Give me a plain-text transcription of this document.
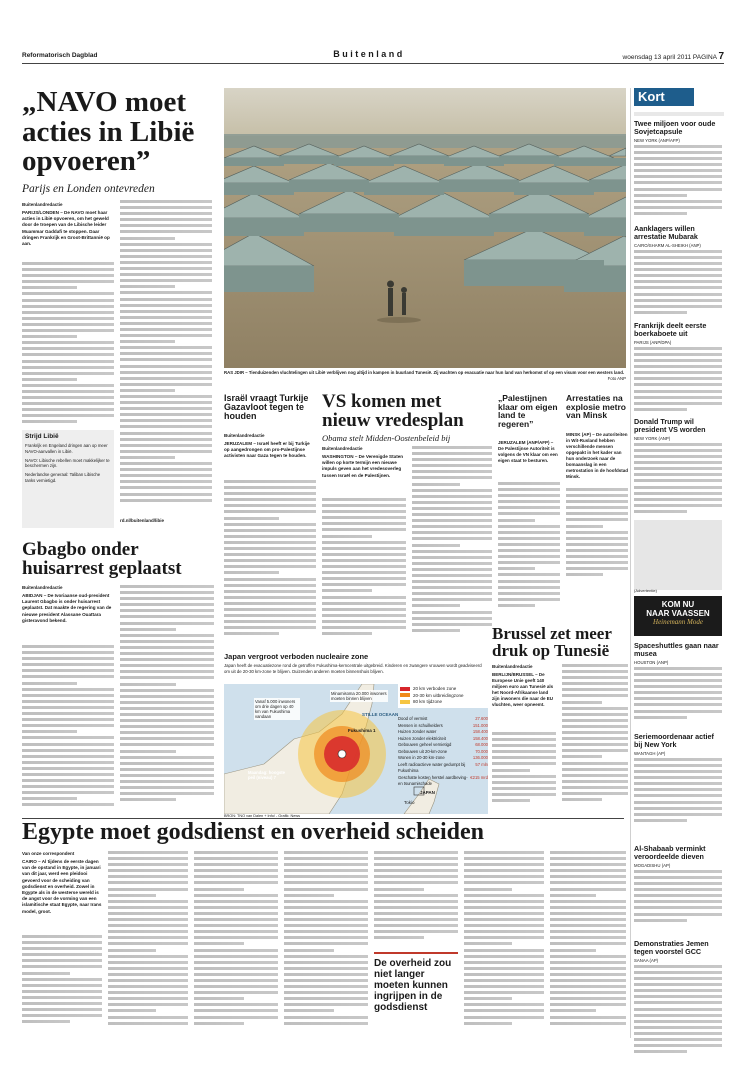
Reformatorisch Dagblad	Buitenland	woensdag 13 april 2011 PAGINA 7
„NAVO moet acties in Libië opvoeren”
Parijs en Londen ontevreden
Buitenlandredactie
PARIJS/LONDEN – De NAVO moet haar acties in Libië opvoeren, om het geweld door de troepen van de Libische leider Muammar Gaddafi te stoppen. Daar dringen Frankrijk en Groot-Brittannië op aan.

Strijd Libië
Frankrijk en Engeland dringen aan op meer NAVO-aanvallen in Libië.
NAVO: Libische rebellen moet makkelijker te beschermen zijn.
Nederlandse generaal: Taliban Libische tanks vernietigd.

rd.nl/buitenland/libie
RAS JDIR – Tienduizenden vluchtelingen uit Libië verblijven nog altijd in kampen in buurland Tunesië. Zij wachten op evacuatie naar hun land van herkomst of op een visum voor een westers land.
Foto ANP
Kort
Twee miljoen voor oude Sovjetcapsule
NEW YORK (ANP/AFP)

Aanklagers willen arrestatie Mubarak
CAIRO/SHARM AL-SHEIKH (ANP)

Frankrijk deelt eerste boerkaboete uit
PARIJS (ANP/DPA)

Donald Trump wil president VS worden
NEW YORK (ANP)

(Advertentie)
KOM NU
NAAR VAASSEN
Heinemann Mode
Spaceshuttles gaan naar musea
HOUSTON (ANP)

Seriemoordenaar actief bij New York
WANTAGH (AP)

Al-Shabaab verminkt veroordeelde dieven
MOGADISHU (AP)

Demonstraties Jemen tegen voorstel GCC
SANAA (AP)

Gbagbo onder huisarrest geplaatst
Buitenlandredactie
ABIDJAN – De Ivoriaanse oud-president Laurent Gbagbo is onder huisarrest geplaatst. Dat maakte de regering van de nieuwe president Alassane Ouattara gisteravond bekend.

Israël vraagt Turkije Gazavloot tegen te houden
Buitenlandredactie
JERUZALEM – Israël heeft er bij Turkije op aangedrongen om pro-Palestijnse activisten naar Gaza tegen te houden.

VS komen met nieuw vredesplan
Obama stelt Midden-Oostenbeleid bij
Buitenlandredactie
WASHINGTON – De Verenigde Staten willen op korte termijn een nieuwe impuls geven aan het vredesoverleg tussen Israël en de Palestijnen.

„Palestijnen klaar om eigen land te regeren”
JERUZALEM (ANP/AFP) – De Palestijnse Autoriteit is volgens de VN klaar om een eigen staat te besturen.

Arrestaties na explosie metro van Minsk
MINSK (AP) – De autoriteiten in Wit-Rusland hebben verschillende mensen opgepakt in het kader van hun onderzoek naar de bomaanslag in een metrostation in de hoofdstad Minsk.

Brussel zet meer druk op Tunesië
Buitenlandredactie
BERLIJN/BRUSSEL – De Europese Unie geeft 140 miljoen euro aan Tunesië als het Noord-Afrikaanse land zijn inwoners die naar de EU vluchten, weer opneemt.

Japan vergroot verboden nucleaire zone
Japan heeft de evacuatiezone rond de getroffen Fukushima-kerncentrale uitgebreid. Kinderen en zwangere vrouwen wordt geadviseerd om uit de 20-30 km-zone te blijven. Duizenden anderen moeten binnenshuis blijven.
Minamisoma 20.000 inwoners moeten binnen blijven
Vanaf 5.000 inwoners om drie dagen op 40 km van Fukushima vandaan
Maandag: hoogste peil (niveau) 7
STILLE OCEAAN
Fukushima 1
JAPAN
Tokio
20 km verboden zone
20-30 km uitbreidingzone
80 km tijdzone
Dood of vermist	27.600
Mensen in schuilkelders	151.000
Huizen zonder water	158.400
Huizen zonder elektriciteit	158.400
Gebouwen geheel vernietigd	68.000
Gebouwen uit 20-km-zone	70.000
Wonen in 20-30 km-zone	136.000
Leeft radioactieve water gedumpt bij Fukushima
57 mln
Geschatte kosten herstel aardbeving- en tsunamischade
€215 mrd
BRON: TNO van Dalen + Info/ - Grafik: News
Egypte moet godsdienst en overheid scheiden
Van onze correspondent
CAIRO – Al tijdens de eerste dagen van de opstand in Egypte, in januari van dit jaar, werd een pleidooi gevoerd voor de scheiding van godsdienst en overheid. Zowel in Egypte als in de westerse wereld is de angst voor de vorming van een islamitische staat Egypte, naar Irans model, groot.

De overheid zou niet langer moeten kunnen ingrijpen in de godsdienst
